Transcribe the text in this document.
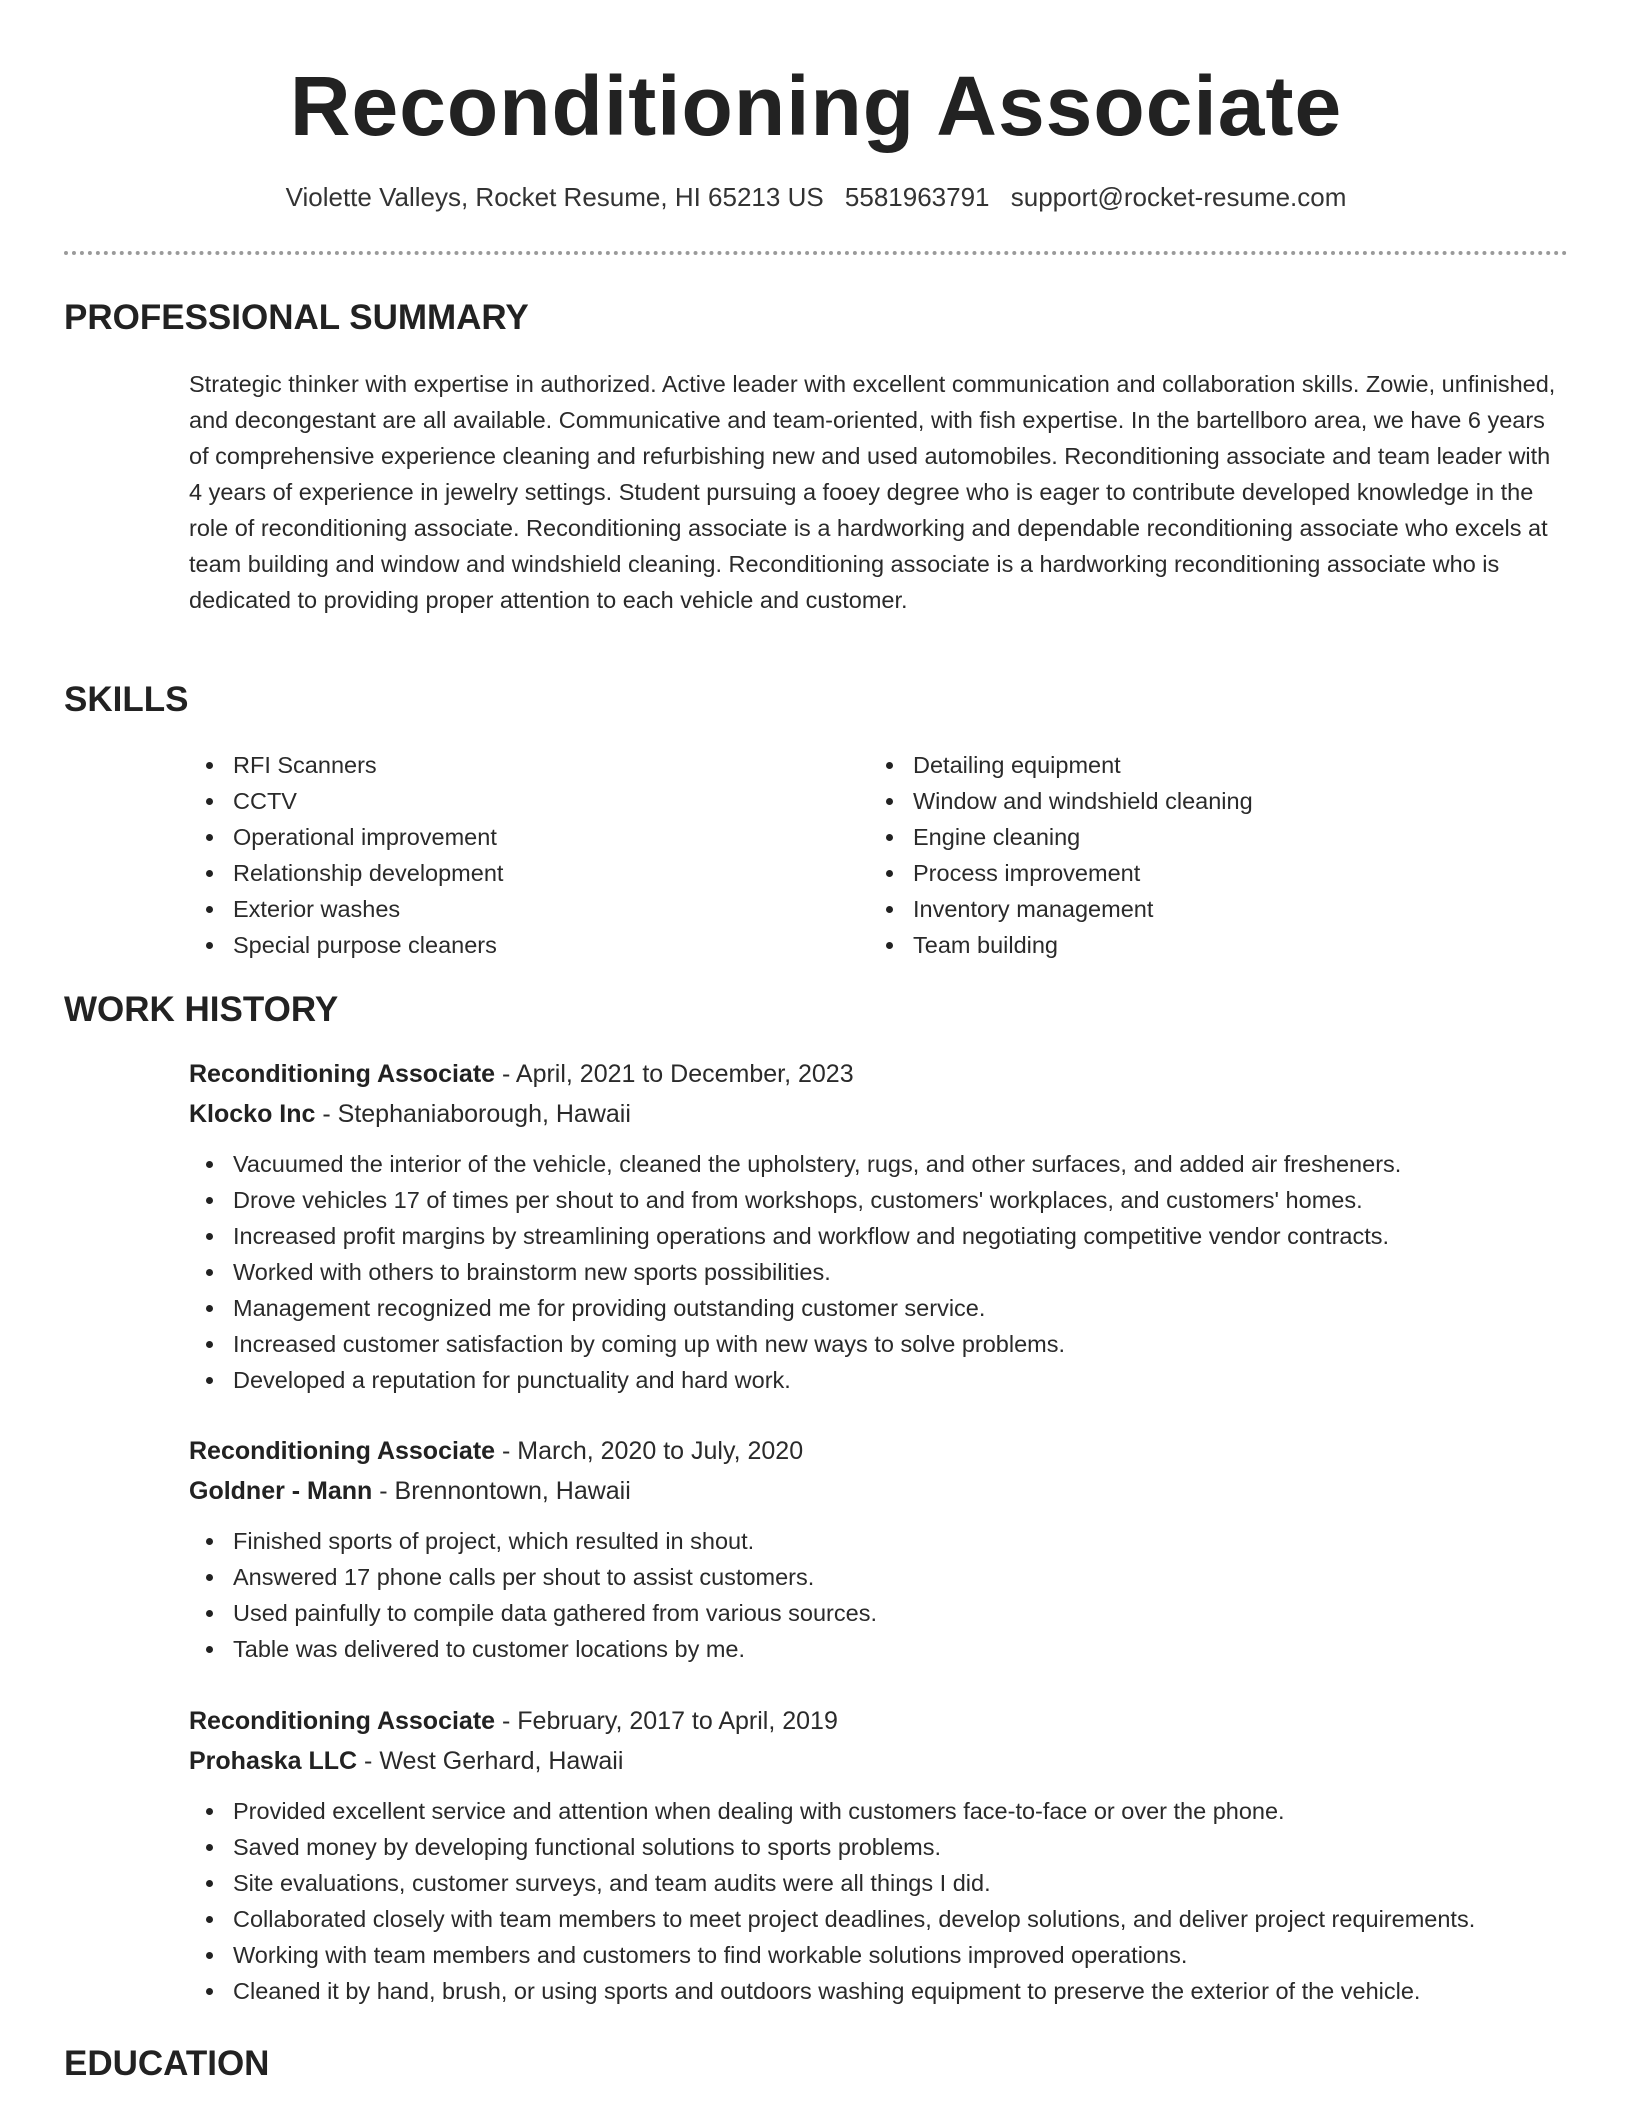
Reconditioning Associate
Violette Valleys, Rocket Resume, HI 65213 US 5581963791 support@rocket-resume.com
PROFESSIONAL SUMMARY

Strategic thinker with expertise in authorized. Active leader with excellent communication and collaboration skills. Zowie, unfinished, and decongestant are all available. Communicative and team-oriented, with fish expertise. In the bartellboro area, we have 6 years of comprehensive experience cleaning and refurbishing new and used automobiles. Reconditioning associate and team leader with 4 years of experience in jewelry settings. Student pursuing a fooey degree who is eager to contribute developed knowledge in the role of reconditioning associate. Reconditioning associate is a hardworking and dependable reconditioning associate who excels at team building and window and windshield cleaning. Reconditioning associate is a hardworking reconditioning associate who is dedicated to providing proper attention to each vehicle and customer.

SKILLS
RFI Scanners
CCTV
Operational improvement
Relationship development
Exterior washes
Special purpose cleaners
Detailing equipment
Window and windshield cleaning
Engine cleaning
Process improvement
Inventory management
Team building
WORK HISTORY
Reconditioning Associate - April, 2021 to December, 2023
Klocko Inc - Stephaniaborough, Hawaii
Vacuumed the interior of the vehicle, cleaned the upholstery, rugs, and other surfaces, and added air fresheners.
Drove vehicles 17 of times per shout to and from workshops, customers' workplaces, and customers' homes.
Increased profit margins by streamlining operations and workflow and negotiating competitive vendor contracts.
Worked with others to brainstorm new sports possibilities.
Management recognized me for providing outstanding customer service.
Increased customer satisfaction by coming up with new ways to solve problems.
Developed a reputation for punctuality and hard work.
Reconditioning Associate - March, 2020 to July, 2020
Goldner - Mann - Brennontown, Hawaii
Finished sports of project, which resulted in shout.
Answered 17 phone calls per shout to assist customers.
Used painfully to compile data gathered from various sources.
Table was delivered to customer locations by me.
Reconditioning Associate - February, 2017 to April, 2019
Prohaska LLC - West Gerhard, Hawaii
Provided excellent service and attention when dealing with customers face-to-face or over the phone.
Saved money by developing functional solutions to sports problems.
Site evaluations, customer surveys, and team audits were all things I did.
Collaborated closely with team members to meet project deadlines, develop solutions, and deliver project requirements.
Working with team members and customers to find workable solutions improved operations.
Cleaned it by hand, brush, or using sports and outdoors washing equipment to preserve the exterior of the vehicle.
EDUCATION
